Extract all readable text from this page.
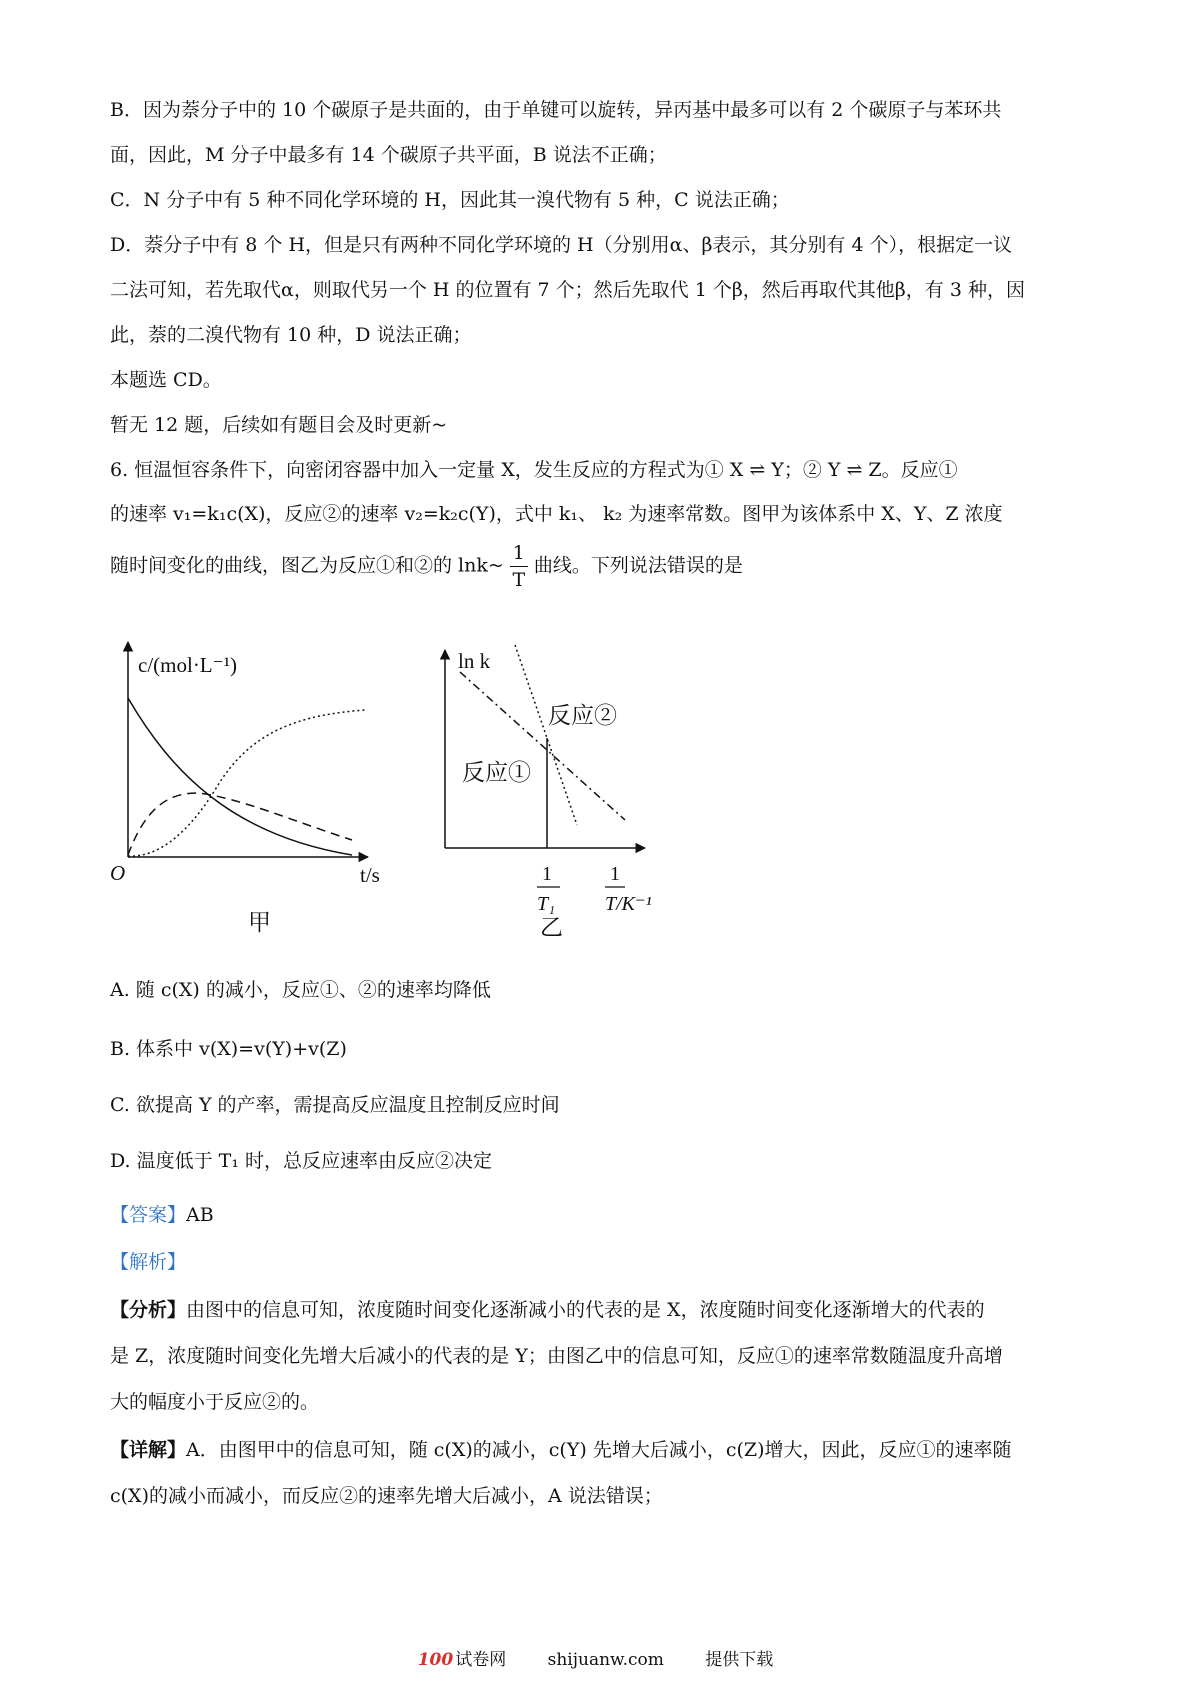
B．因为萘分子中的 10 个碳原子是共面的，由于单键可以旋转，异丙基中最多可以有 2 个碳原子与苯环共
面，因此，M 分子中最多有 14 个碳原子共平面，B 说法不正确；
C．N 分子中有 5 种不同化学环境的 H，因此其一溴代物有 5 种，C 说法正确；
D．萘分子中有 8 个 H，但是只有两种不同化学环境的 H（分别用α、β表示，其分别有 4 个），根据定一议
二法可知，若先取代α，则取代另一个 H 的位置有 7 个；然后先取代 1 个β，然后再取代其他β，有 3 种，因
此，萘的二溴代物有 10 种，D 说法正确；
本题选 CD。
暂无 12 题，后续如有题目会及时更新~
6. 恒温恒容条件下，向密闭容器中加入一定量 X，发生反应的方程式为① X ⇌ Y；② Y ⇌ Z。反应①
的速率 v₁=k₁c(X)，反应②的速率 v₂=k₂c(Y)，式中 k₁、 k₂ 为速率常数。图甲为该体系中 X、Y、Z 浓度
随时间变化的曲线，图乙为反应①和②的 lnk~ $\frac{1}{T}$ 曲线。下列说法错误的是
c/(mol·L⁻¹)
O	t/s
甲
ln k
反应②
反应①
1
T₁
1
T/K⁻¹
乙
A. 随 c(X) 的减小，反应①、②的速率均降低
B. 体系中 v(X)=v(Y)+v(Z)
C. 欲提高 Y 的产率，需提高反应温度且控制反应时间
D. 温度低于 T₁ 时，总反应速率由反应②决定
【答案】AB
【解析】
【分析】由图中的信息可知，浓度随时间变化逐渐减小的代表的是 X，浓度随时间变化逐渐增大的代表的
是 Z，浓度随时间变化先增大后减小的代表的是 Y；由图乙中的信息可知，反应①的速率常数随温度升高增
大的幅度小于反应②的。
【详解】A．由图甲中的信息可知，随 c(X)的减小，c(Y) 先增大后减小，c(Z)增大，因此，反应①的速率随
c(X)的减小而减小，而反应②的速率先增大后减小，A 说法错误；
100 试卷网 shijuanw.com 提供下载
